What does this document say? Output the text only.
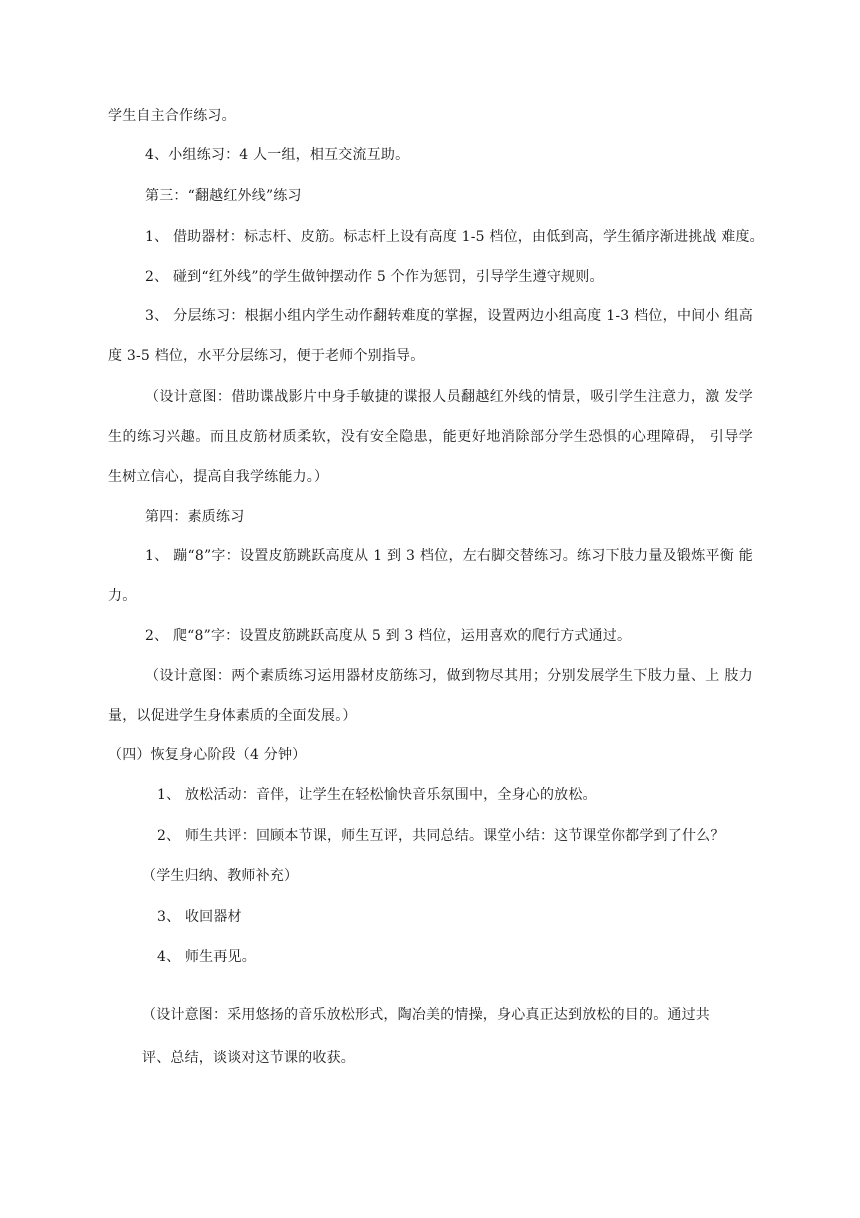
学生自主合作练习。
4、小组练习：4 人一组，相互交流互助。
第三：“翻越红外线”练习
1、 借助器材：标志杆、皮筋。标志杆上设有高度 1-5 档位，由低到高，学生循序渐进挑战 难度。
2、 碰到“红外线”的学生做钟摆动作 5 个作为惩罚，引导学生遵守规则。
3、 分层练习：根据小组内学生动作翻转难度的掌握，设置两边小组高度 1-3 档位，中间小 组高
度 3-5 档位，水平分层练习，便于老师个别指导。
（设计意图：借助谍战影片中身手敏捷的谍报人员翻越红外线的情景，吸引学生注意力，激 发学
生的练习兴趣。而且皮筋材质柔软，没有安全隐患，能更好地消除部分学生恐惧的心理障碍， 引导学
生树立信心，提高自我学练能力。）
第四：素质练习
1、 蹦“8”字：设置皮筋跳跃高度从 1 到 3 档位，左右脚交替练习。练习下肢力量及锻炼平衡 能
力。
2、 爬“8”字：设置皮筋跳跃高度从 5 到 3 档位，运用喜欢的爬行方式通过。
（设计意图：两个素质练习运用器材皮筋练习，做到物尽其用；分别发展学生下肢力量、上 肢力
量，以促进学生身体素质的全面发展。）
（四）恢复身心阶段（4 分钟）
1、 放松活动：音伴，让学生在轻松愉快音乐氛围中，全身心的放松。
2、 师生共评：回顾本节课，师生互评，共同总结。课堂小结：这节课堂你都学到了什么？
（学生归纳、教师补充）
3、 收回器材
4、 师生再见。
（设计意图：采用悠扬的音乐放松形式，陶冶美的情操，身心真正达到放松的目的。通过共
评、总结，谈谈对这节课的收获。
